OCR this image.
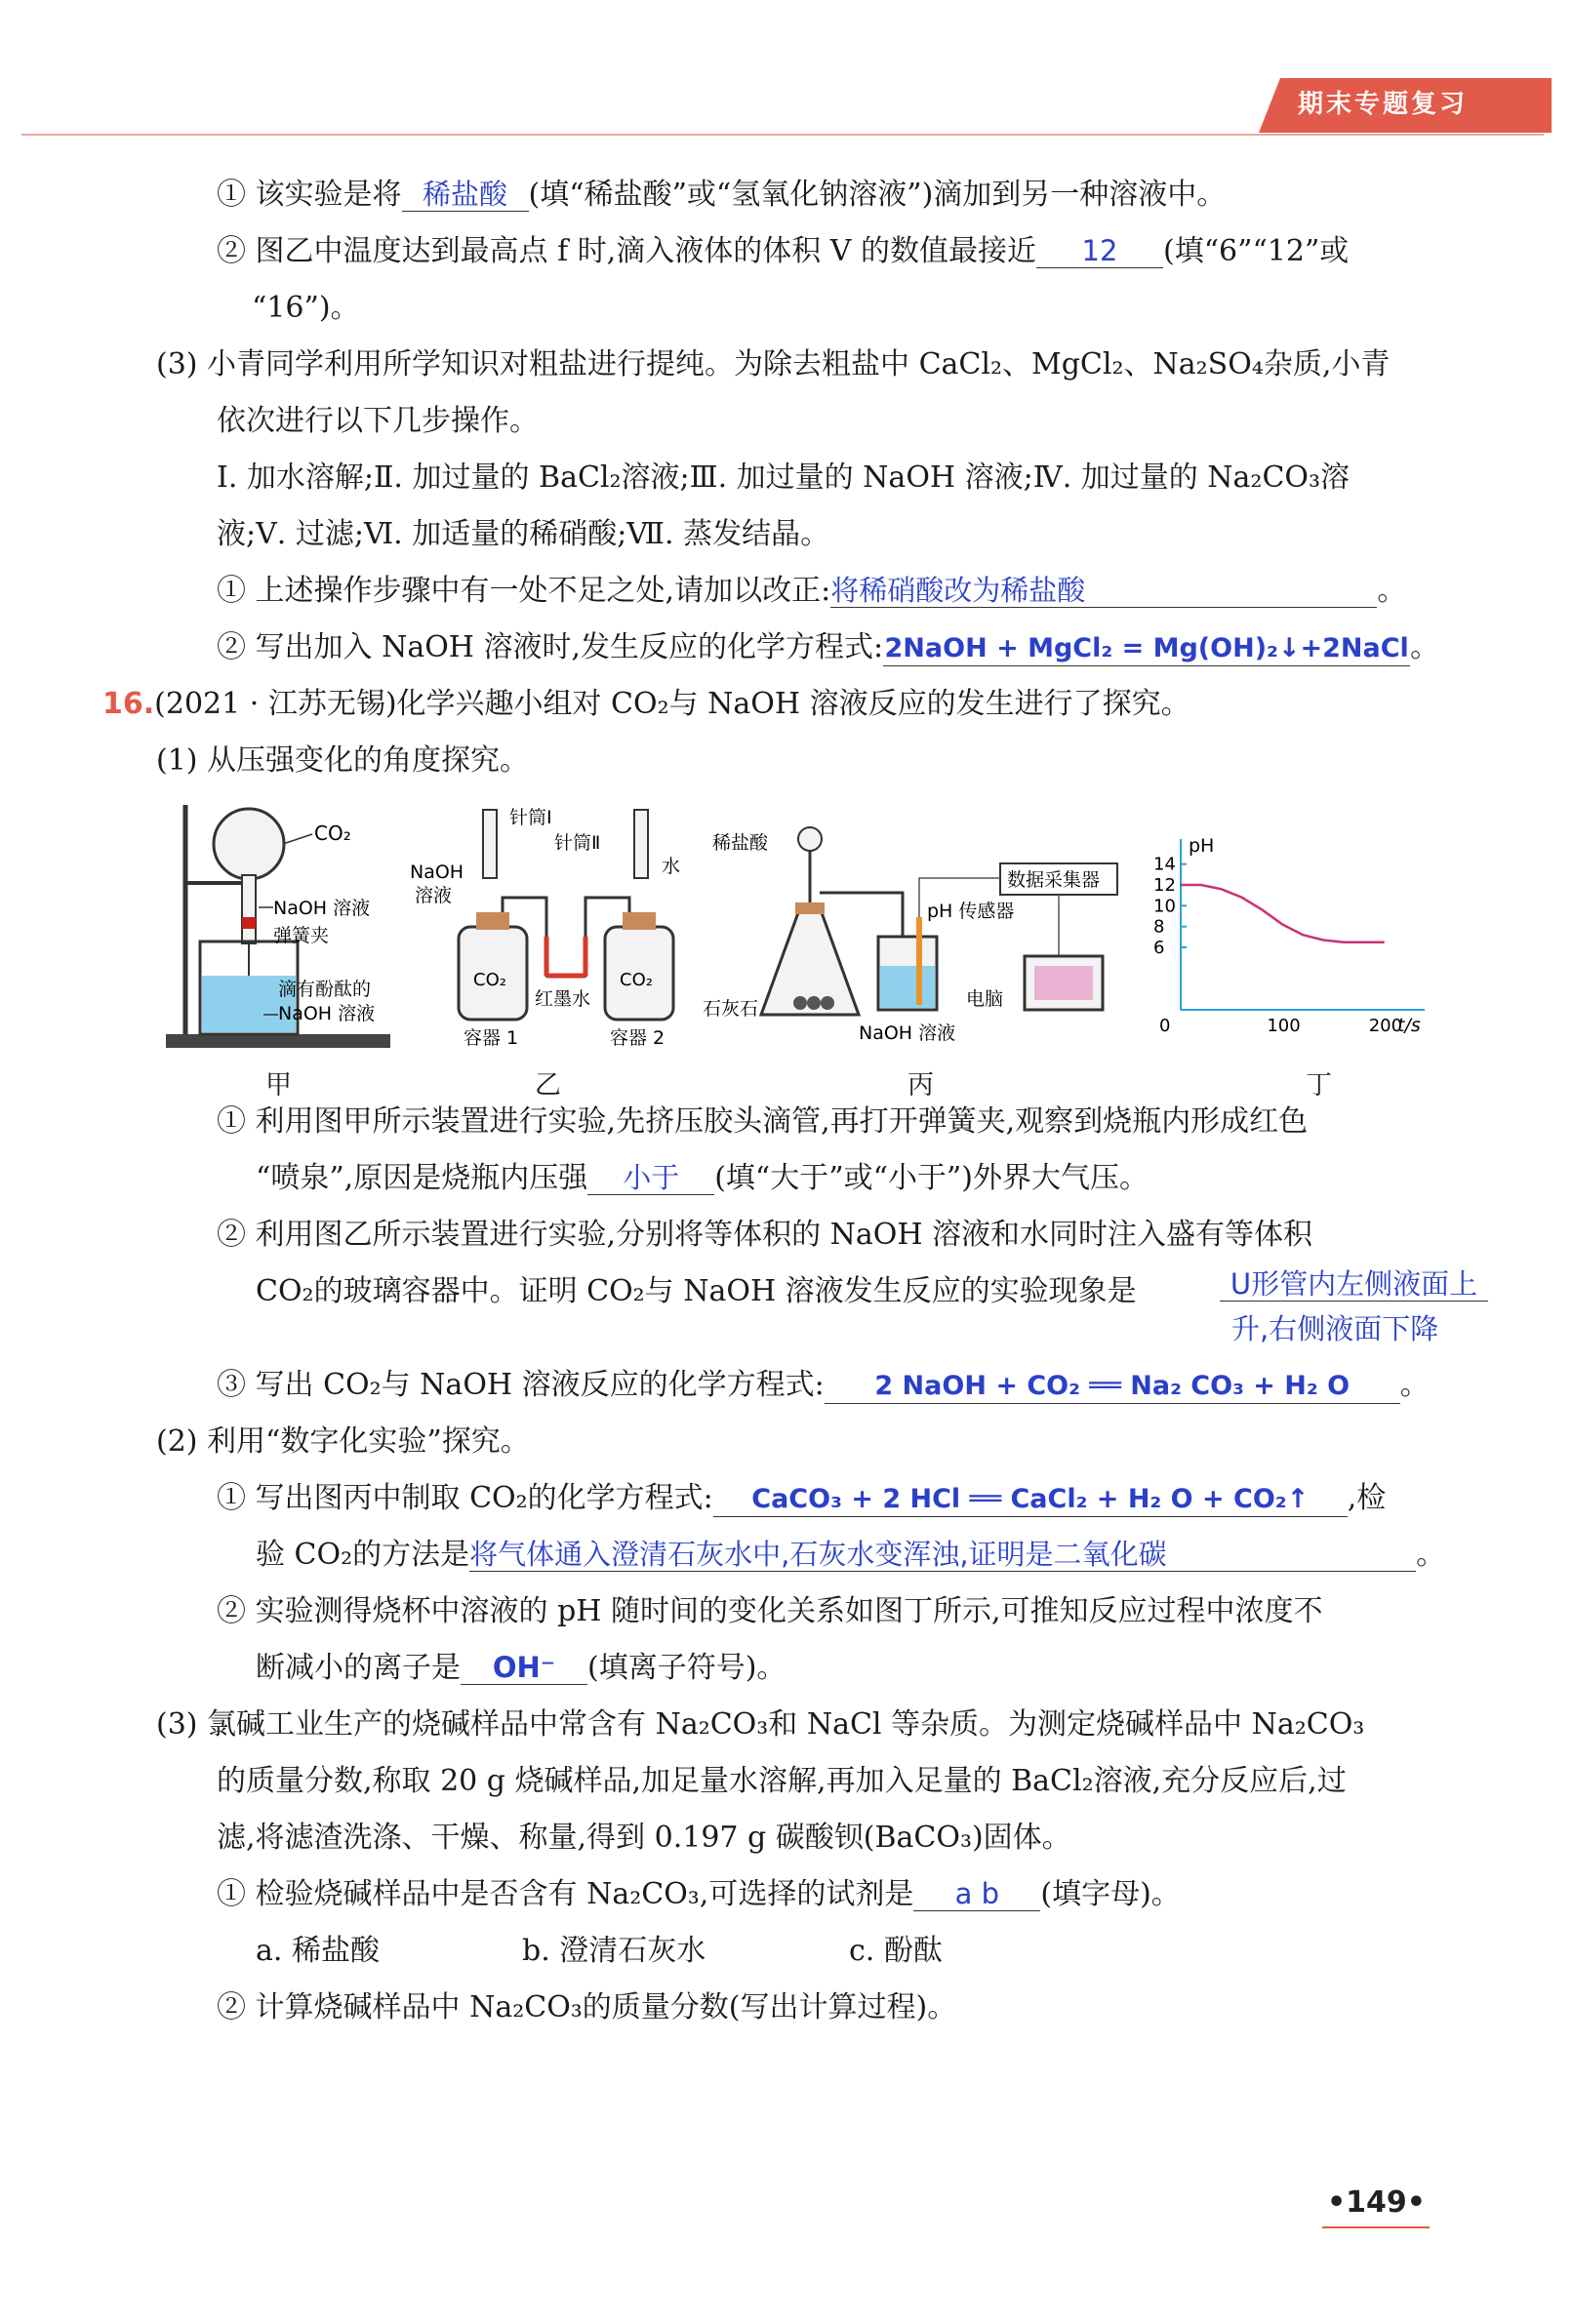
期末专题复习
① 该实验是将 稀盐酸 (填“稀盐酸”或“氢氧化钠溶液”)滴加到另一种溶液中。
② 图乙中温度达到最高点 f 时,滴入液体的体积 V 的数值最接近 12 (填“6”“12”或
“16”)。
(3) 小青同学利用所学知识对粗盐进行提纯。为除去粗盐中 CaCl₂、MgCl₂、Na₂SO₄杂质,小青
依次进行以下几步操作。
Ⅰ. 加水溶解;Ⅱ. 加过量的 BaCl₂溶液;Ⅲ. 加过量的 NaOH 溶液;Ⅳ. 加过量的 Na₂CO₃溶
液;Ⅴ. 过滤;Ⅵ. 加适量的稀硝酸;Ⅶ. 蒸发结晶。
① 上述操作步骤中有一处不足之处,请加以改正:将稀硝酸改为稀盐酸	。
② 写出加入 NaOH 溶液时,发生反应的化学方程式:2NaOH + MgCl₂ = Mg(OH)₂↓+2NaCl。
16.(2021 · 江苏无锡)化学兴趣小组对 CO₂与 NaOH 溶液反应的发生进行了探究。
(1) 从压强变化的角度探究。
CO₂
NaOH 溶液
弹簧夹
滴有酚酞的
NaOH 溶液
甲
针筒Ⅰ
针筒Ⅱ
NaOH
溶液
水
CO₂	CO₂
红墨水
容器 1	容器 2
乙
稀盐酸
石灰石
NaOH 溶液
pH 传感器
数据采集器
电脑
丙
6
8
10
12
14
0	100	200
pH
t/s
丁
① 利用图甲所示装置进行实验,先挤压胶头滴管,再打开弹簧夹,观察到烧瓶内形成红色
“喷泉”,原因是烧瓶内压强 小于 (填“大于”或“小于”)外界大气压。
② 利用图乙所示装置进行实验,分别将等体积的 NaOH 溶液和水同时注入盛有等体积
CO₂的玻璃容器中。证明 CO₂与 NaOH 溶液发生反应的实验现象是	U形管内左侧液面上
升,右侧液面下降
③ 写出 CO₂与 NaOH 溶液反应的化学方程式: 2 NaOH + CO₂ ══ Na₂ CO₃ + H₂ O 。
(2) 利用“数字化实验”探究。
① 写出图丙中制取 CO₂的化学方程式: CaCO₃ + 2 HCl ══ CaCl₂ + H₂ O + CO₂↑ ,检
验 CO₂的方法是将气体通入澄清石灰水中,石灰水变浑浊,证明是二氧化碳	。
② 实验测得烧杯中溶液的 pH 随时间的变化关系如图丁所示,可推知反应过程中浓度不
断减小的离子是 OH⁻ (填离子符号)。
(3) 氯碱工业生产的烧碱样品中常含有 Na₂CO₃和 NaCl 等杂质。为测定烧碱样品中 Na₂CO₃
的质量分数,称取 20 g 烧碱样品,加足量水溶解,再加入足量的 BaCl₂溶液,充分反应后,过
滤,将滤渣洗涤、干燥、称量,得到 0.197 g 碳酸钡(BaCO₃)固体。
① 检验烧碱样品中是否含有 Na₂CO₃,可选择的试剂是 a b (填字母)。
a. 稀盐酸	b. 澄清石灰水	c. 酚酞
② 计算烧碱样品中 Na₂CO₃的质量分数(写出计算过程)。
•149•
